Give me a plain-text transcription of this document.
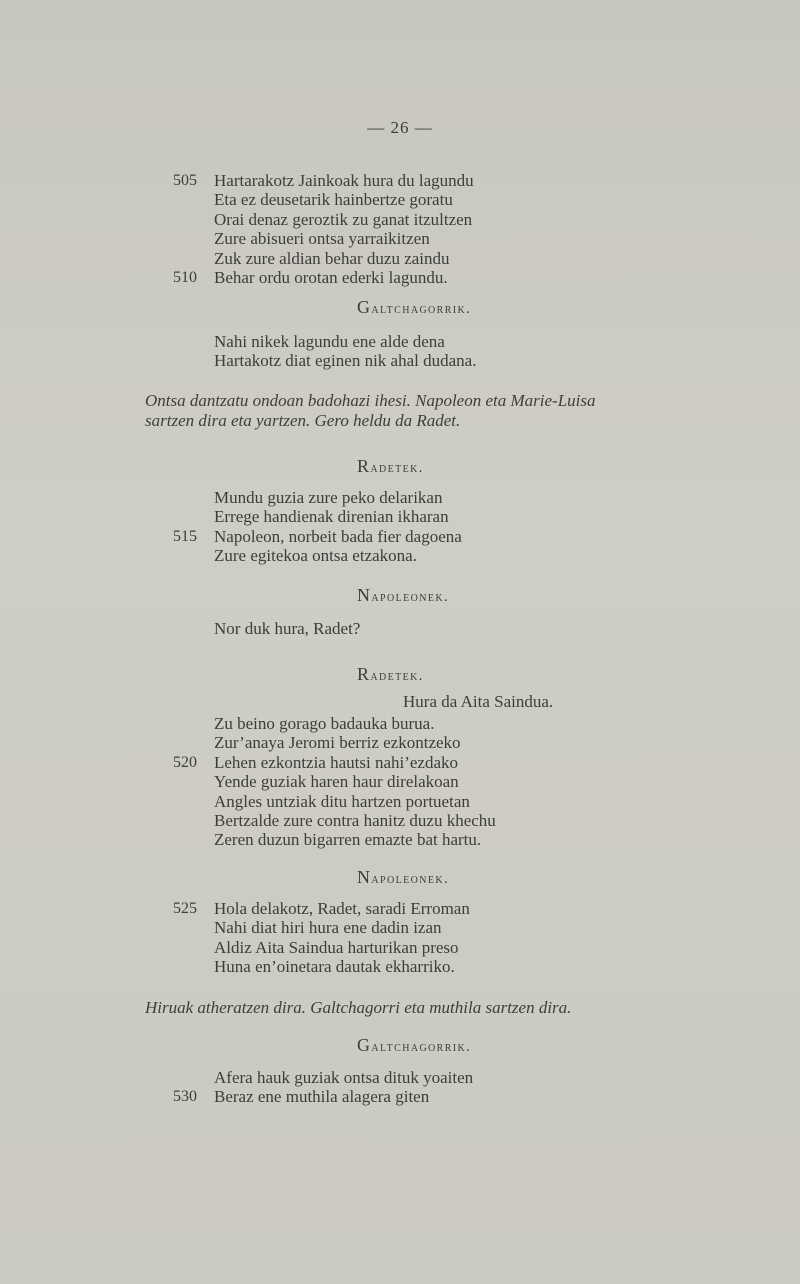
— 26 —
505 Hartarakotz Jainkoak hura du lagundu
Eta ez deusetarik hainbertze goratu
Orai denaz geroztik zu ganat itzultzen
Zure abisueri ontsa yarraikitzen
Zuk zure aldian behar duzu zaindu
510 Behar ordu orotan ederki lagundu.
Galtchagorrik.
Nahi nikek lagundu ene alde dena
Hartakotz diat eginen nik ahal dudana.
Ontsa dantzatu ondoan badohazi ihesi. Napoleon eta Marie-Luisa
sartzen dira eta yartzen. Gero heldu da Radet.
Radetek.
Mundu guzia zure peko delarikan
Errege handienak direnian ikharan
515 Napoleon, norbeit bada fier dagoena
Zure egitekoa ontsa etzakona.
Napoleonek.
Nor duk hura, Radet?
Radetek.
Hura da Aita Saindua.
Zu beino gorago badauka burua.
Zur’anaya Jeromi berriz ezkontzeko
520 Lehen ezkontzia hautsi nahi’ezdako
Yende guziak haren haur direlakoan
Angles untziak ditu hartzen portuetan
Bertzalde zure contra hanitz duzu khechu
Zeren duzun bigarren emazte bat hartu.
Napoleonek.
525 Hola delakotz, Radet, saradi Erroman
Nahi diat hiri hura ene dadin izan
Aldiz Aita Saindua harturikan preso
Huna en’oinetara dautak ekharriko.
Hiruak atheratzen dira. Galtchagorri eta muthila sartzen dira.
Galtchagorrik.
Afera hauk guziak ontsa dituk yoaiten
530 Beraz ene muthila alagera giten
